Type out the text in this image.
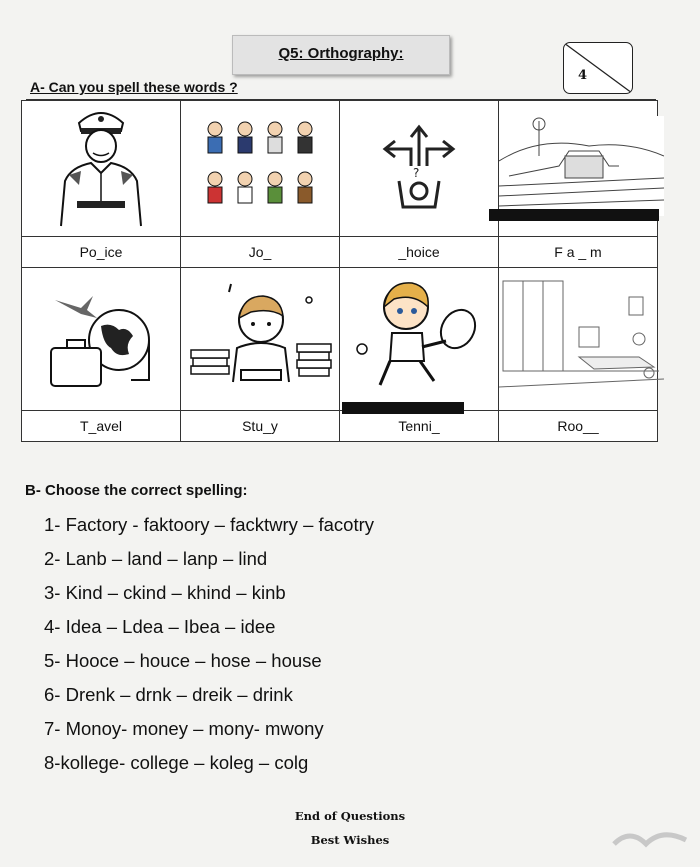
Q5: Orthography:
4
A- Can you spell these words ?

?

Po_ice	Jo_	_hoice	F a _ m

T_avel	Stu_y	Tenni_	Roo__
B- Choose the correct spelling:
1- Factory - faktoory – facktwry – facotry
2- Lanb – land – lanp – lind
3- Kind – ckind – khind – kinb
4- Idea – Ldea – Ibea – idee
5- Hooce – houce – hose – house
6- Drenk – drnk – dreik – drink
7- Monoy- money – mony- mwony
8-kollege- college – koleg – colg
End of Questions
Best Wishes
